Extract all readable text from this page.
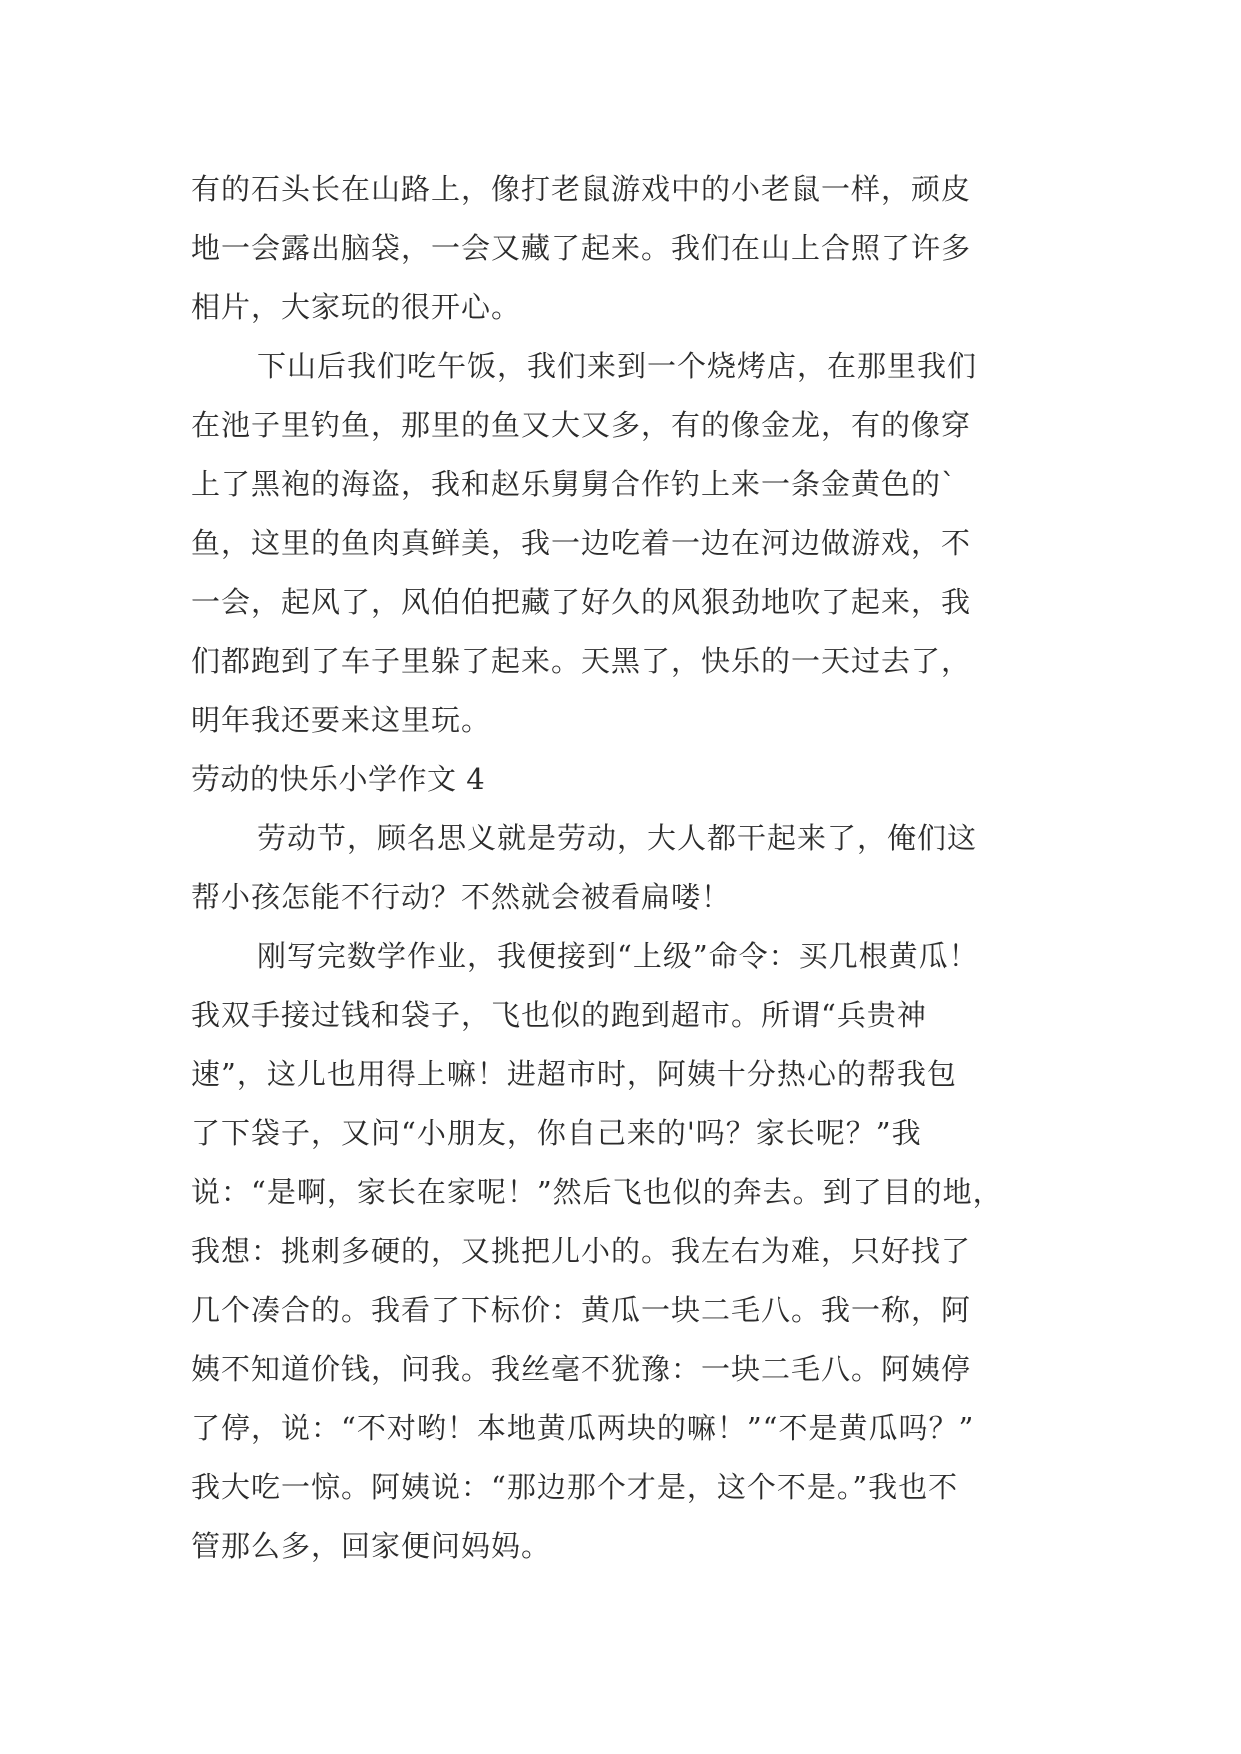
有的石头长在山路上，像打老鼠游戏中的小老鼠一样，顽皮
地一会露出脑袋，一会又藏了起来。我们在山上合照了许多
相片，大家玩的很开心。
下山后我们吃午饭，我们来到一个烧烤店，在那里我们
在池子里钓鱼，那里的鱼又大又多，有的像金龙，有的像穿
上了黑袍的海盗，我和赵乐舅舅合作钓上来一条金黄色的`
鱼，这里的鱼肉真鲜美，我一边吃着一边在河边做游戏，不
一会，起风了，风伯伯把藏了好久的风狠劲地吹了起来，我
们都跑到了车子里躲了起来。天黑了，快乐的一天过去了，
明年我还要来这里玩。
劳动的快乐小学作文 4
劳动节，顾名思义就是劳动，大人都干起来了，俺们这
帮小孩怎能不行动？不然就会被看扁喽！
刚写完数学作业，我便接到“上级”命令：买几根黄瓜！
我双手接过钱和袋子，飞也似的跑到超市。所谓“兵贵神
速”，这儿也用得上嘛！进超市时，阿姨十分热心的帮我包
了下袋子，又问“小朋友，你自己来的'吗？家长呢？”我
说：“是啊，家长在家呢！”然后飞也似的奔去。到了目的地，
我想：挑刺多硬的，又挑把儿小的。我左右为难，只好找了
几个凑合的。我看了下标价：黄瓜一块二毛八。我一称，阿
姨不知道价钱，问我。我丝毫不犹豫：一块二毛八。阿姨停
了停，说：“不对哟！本地黄瓜两块的嘛！”“不是黄瓜吗？”
我大吃一惊。阿姨说：“那边那个才是，这个不是。”我也不
管那么多，回家便问妈妈。
